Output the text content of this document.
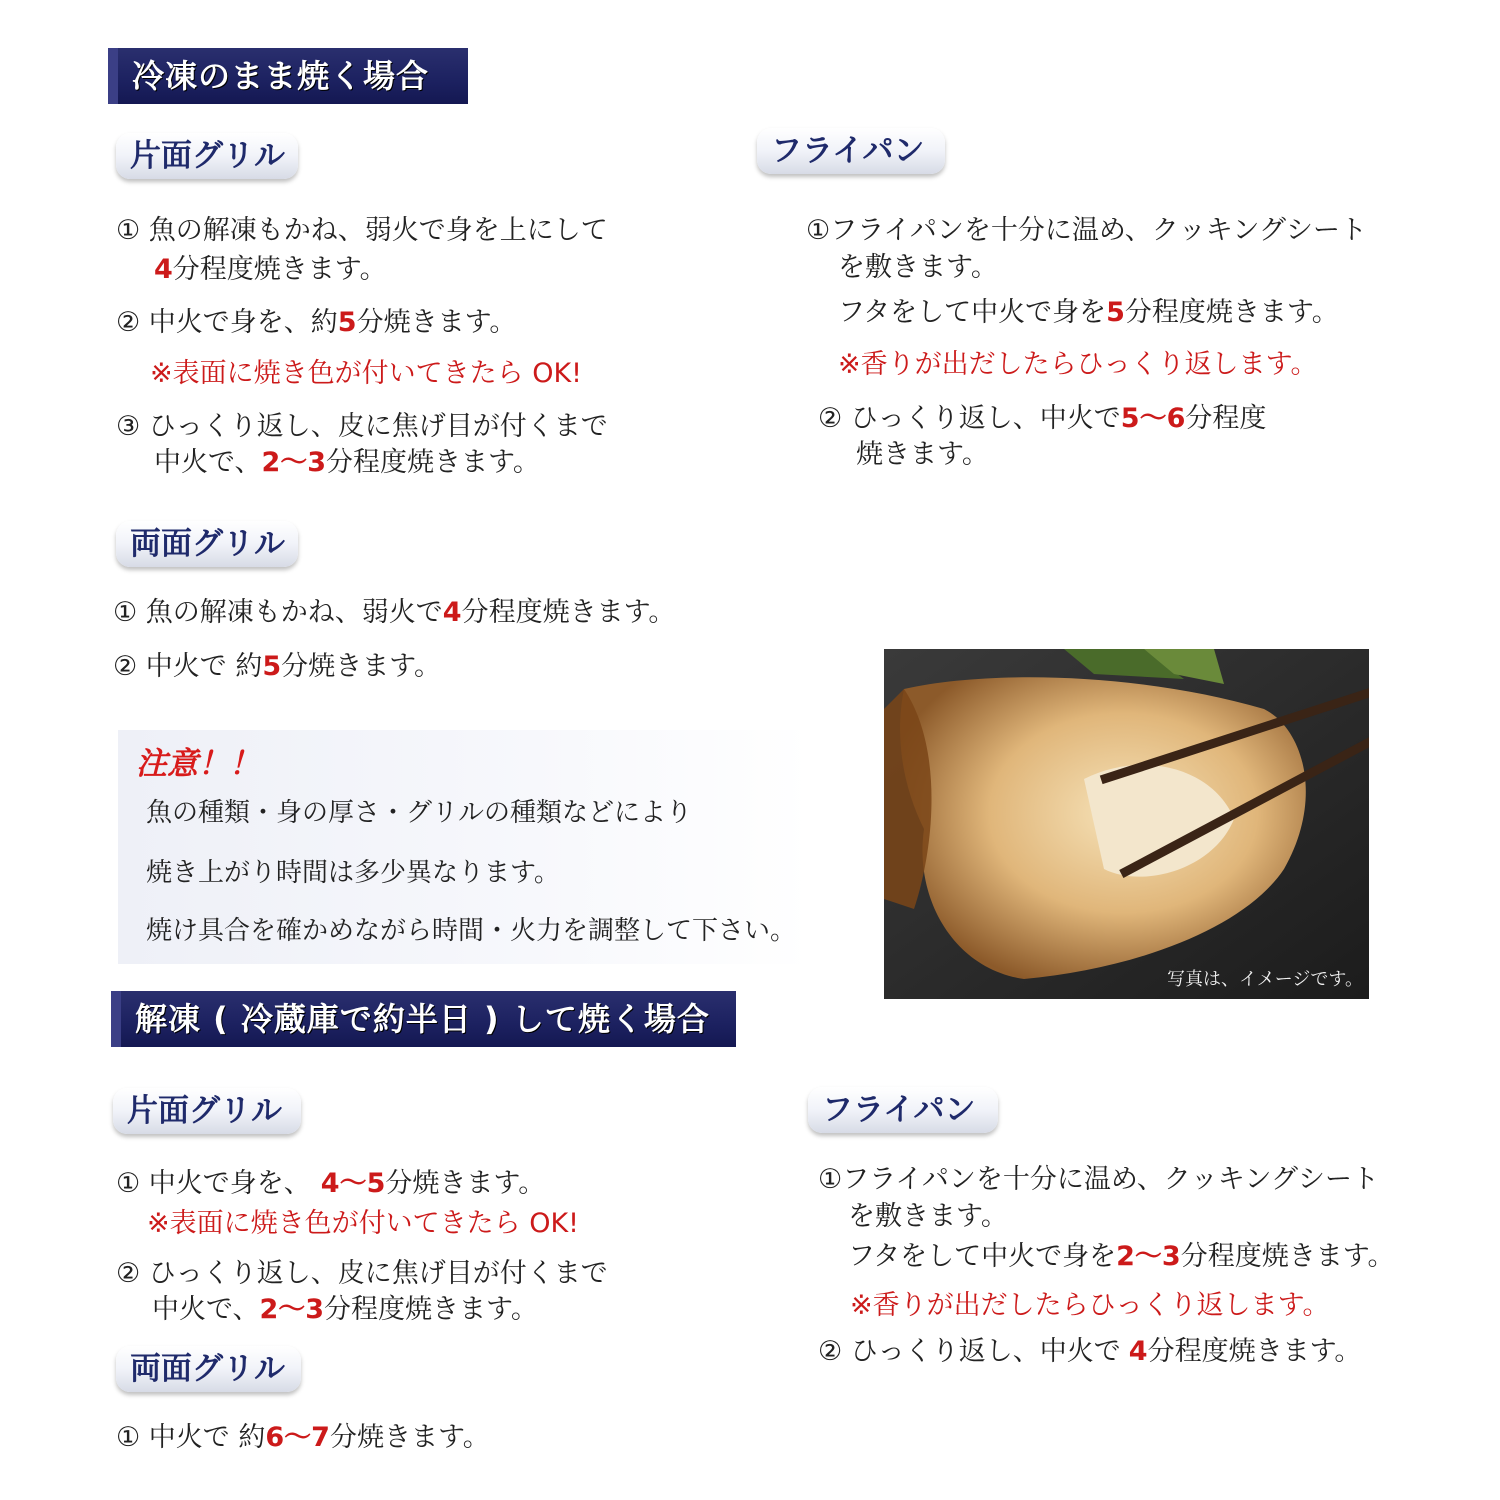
冷凍のまま焼く場合
片面グリル
① 魚の解凍もかね、弱火で身を上にして
4分程度焼きます。
② 中火で身を、約5分焼きます。
※表面に焼き色が付いてきたら OK!
③ ひっくり返し、皮に焦げ目が付くまで
中火で、2～3分程度焼きます。
フライパン
①フライパンを十分に温め、クッキングシート
を敷きます。
フタをして中火で身を5分程度焼きます。
※香りが出だしたらひっくり返します。
② ひっくり返し、中火で5～6分程度
焼きます。
両面グリル
① 魚の解凍もかね、弱火で4分程度焼きます。
② 中火で 約5分焼きます。
注意！！
魚の種類・身の厚さ・グリルの種類などにより
焼き上がり時間は多少異なります。
焼け具合を確かめながら時間・火力を調整して下さい。
写真は、イメージです。
解凍 ( 冷蔵庫で約半日 ) して焼く場合
片面グリル
① 中火で身を、 4～5分焼きます。
※表面に焼き色が付いてきたら OK!
② ひっくり返し、皮に焦げ目が付くまで
中火で、2～3分程度焼きます。
両面グリル
① 中火で 約6～7分焼きます。
フライパン
①フライパンを十分に温め、クッキングシート
を敷きます。
フタをして中火で身を2～3分程度焼きます。
※香りが出だしたらひっくり返します。
② ひっくり返し、中火で 4分程度焼きます。
